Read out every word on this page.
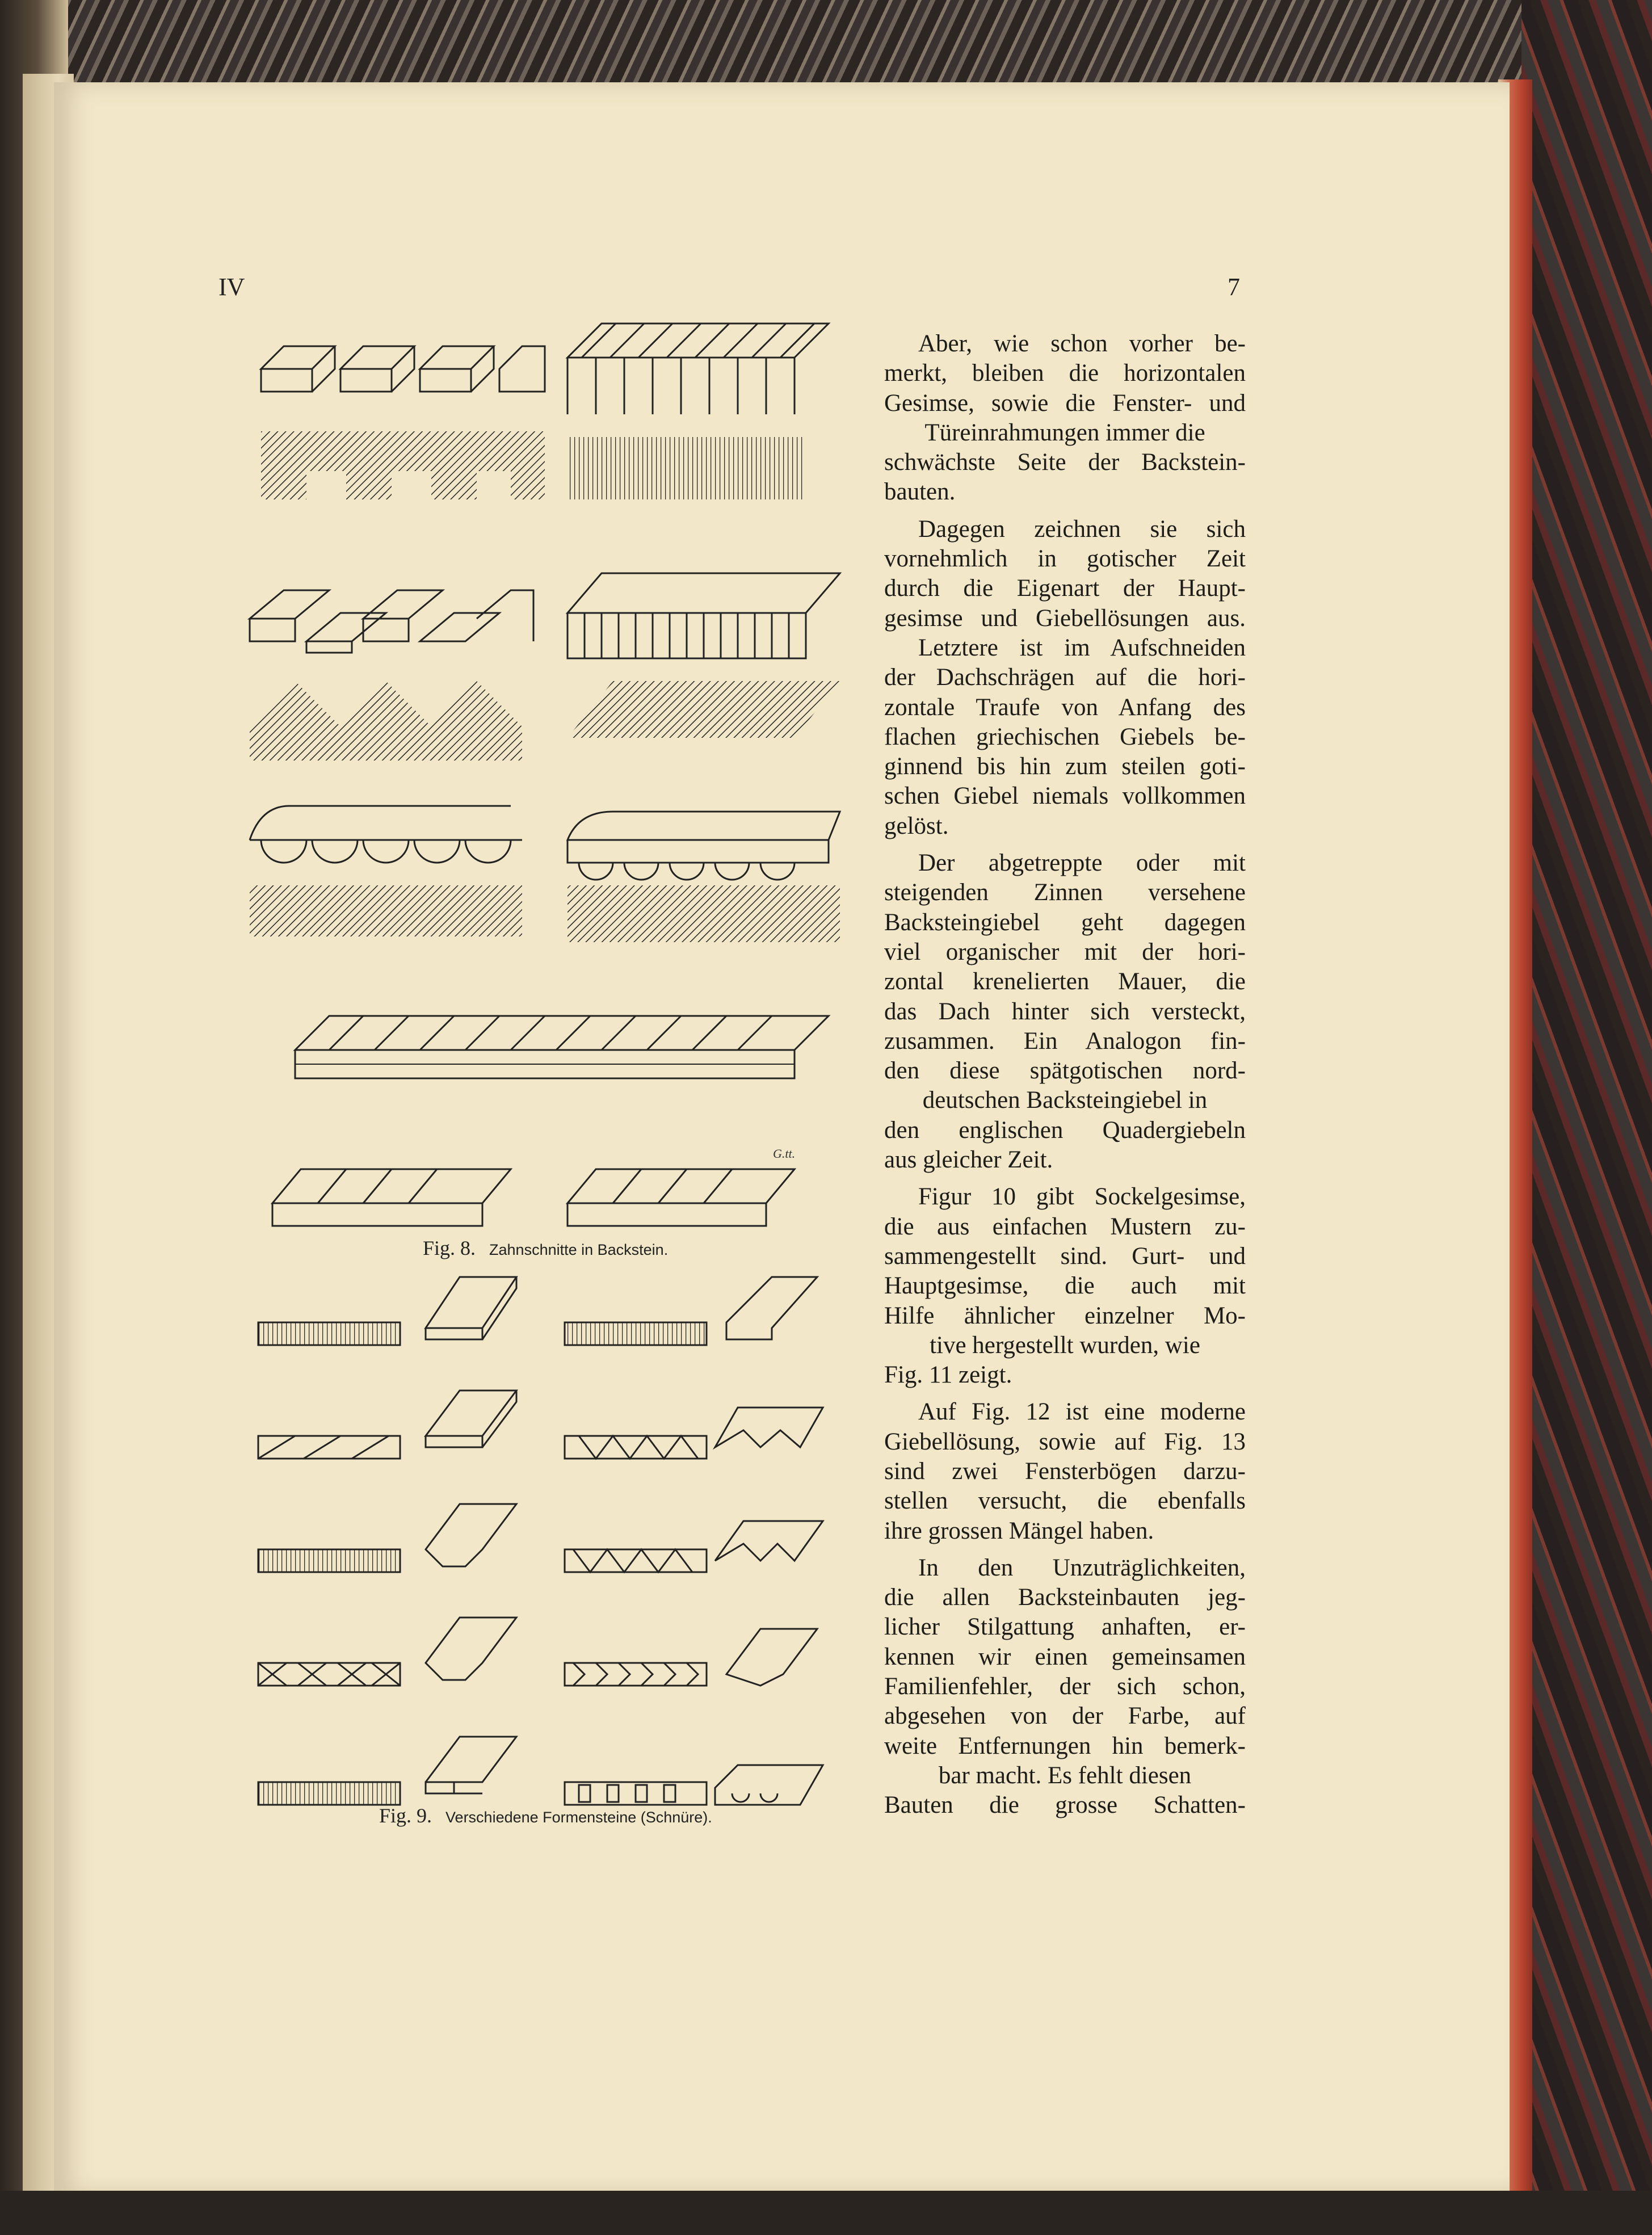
IV	7
G.tt.
Fig. 8. Zahnschnitte in Backstein.
Fig. 9. Verschiedene Formensteine (Schnüre).
Aber, wie schon vorher be-
merkt, bleiben die horizontalen
Gesimse, sowie die Fenster- und
Türeinrahmungen immer die
schwächste Seite der Backstein-
bauten.
Dagegen zeichnen sie sich
vornehmlich in gotischer Zeit
durch die Eigenart der Haupt-
gesimse und Giebellösungen aus.
Letztere ist im Aufschneiden
der Dachschrägen auf die hori-
zontale Traufe von Anfang des
flachen griechischen Giebels be-
ginnend bis hin zum steilen goti-
schen Giebel niemals vollkommen
gelöst.
Der abgetreppte oder mit
steigenden Zinnen versehene
Backsteingiebel geht dagegen
viel organischer mit der hori-
zontal krenelierten Mauer, die
das Dach hinter sich versteckt,
zusammen. Ein Analogon fin-
den diese spätgotischen nord-
deutschen Backsteingiebel in
den englischen Quadergiebeln
aus gleicher Zeit.
Figur 10 gibt Sockelgesimse,
die aus einfachen Mustern zu-
sammengestellt sind. Gurt- und
Hauptgesimse, die auch mit
Hilfe ähnlicher einzelner Mo-
tive hergestellt wurden, wie
Fig. 11 zeigt.
Auf Fig. 12 ist eine moderne
Giebellösung, sowie auf Fig. 13
sind zwei Fensterbögen darzu-
stellen versucht, die ebenfalls
ihre grossen Mängel haben.
In den Unzuträglichkeiten,
die allen Backsteinbauten jeg-
licher Stilgattung anhaften, er-
kennen wir einen gemeinsamen
Familienfehler, der sich schon,
abgesehen von der Farbe, auf
weite Entfernungen hin bemerk-
bar macht. Es fehlt diesen
Bauten die grosse Schatten-
